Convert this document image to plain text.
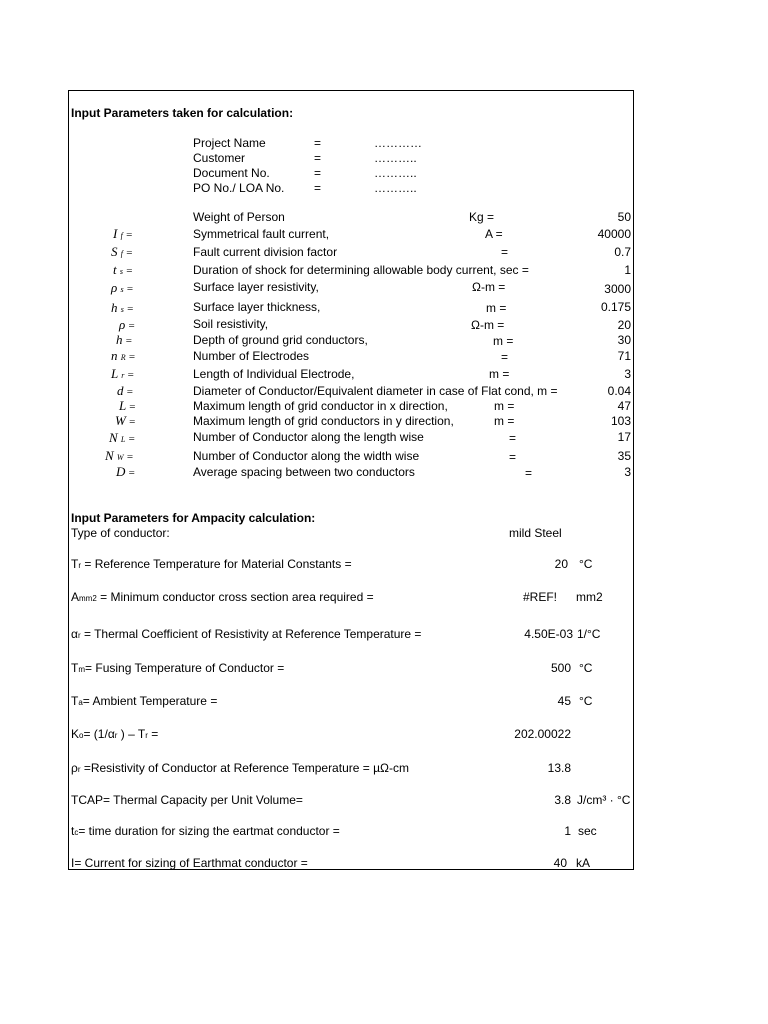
Input Parameters taken for calculation:
Project Name	=	…………
Customer	=	………..
Document No.	=	………..
PO No./ LOA No. =	………..
Weight of Person	Kg =	50
I f =	Symmetrical fault current,	A =	40000
S f =	Fault current division factor	=	0.7
t s =	Duration of shock for determining allowable body current, sec =	1
ρ s =	Surface layer resistivity,	Ω-m =	3000
h s =	Surface layer thickness,	m =	0.175
ρ =	Soil resistivity,	Ω-m =	20
h =	Depth of ground grid conductors,	m =	30
n R =	Number of Electrodes	=	71
L r =	Length of Individual Electrode,	m =	3
d =	Diameter of Conductor/Equivalent diameter in case of Flat cond, m =	0.04
L =	Maximum length of grid conductor in x direction,	m =	47
W =	Maximum length of grid conductors in y direction,	m =	103
N L =	Number of Conductor along the length wise	=	17
N W =	Number of Conductor along the width wise	=	35
D =	Average spacing between two conductors	=	3
Input Parameters for Ampacity calculation:
Type of conductor:	mild Steel
Tr = Reference Temperature for Material Constants =	20 °C
Amm2 = Minimum conductor cross section area required =	#REF! mm2
αr = Thermal Coefficient of Resistivity at Reference Temperature =	4.50E-03 1/°C
Tm= Fusing Temperature of Conductor =	500 °C
Ta= Ambient Temperature =	45 °C
Ko= (1/αr ) – Tr =	202.00022
ρr =Resistivity of Conductor at Reference Temperature = µΩ-cm	13.8
TCAP= Thermal Capacity per Unit Volume=	3.8 J/cm³ · °C
tc= time duration for sizing the eartmat conductor =	1 sec
I= Current for sizing of Earthmat conductor =	40 kA
